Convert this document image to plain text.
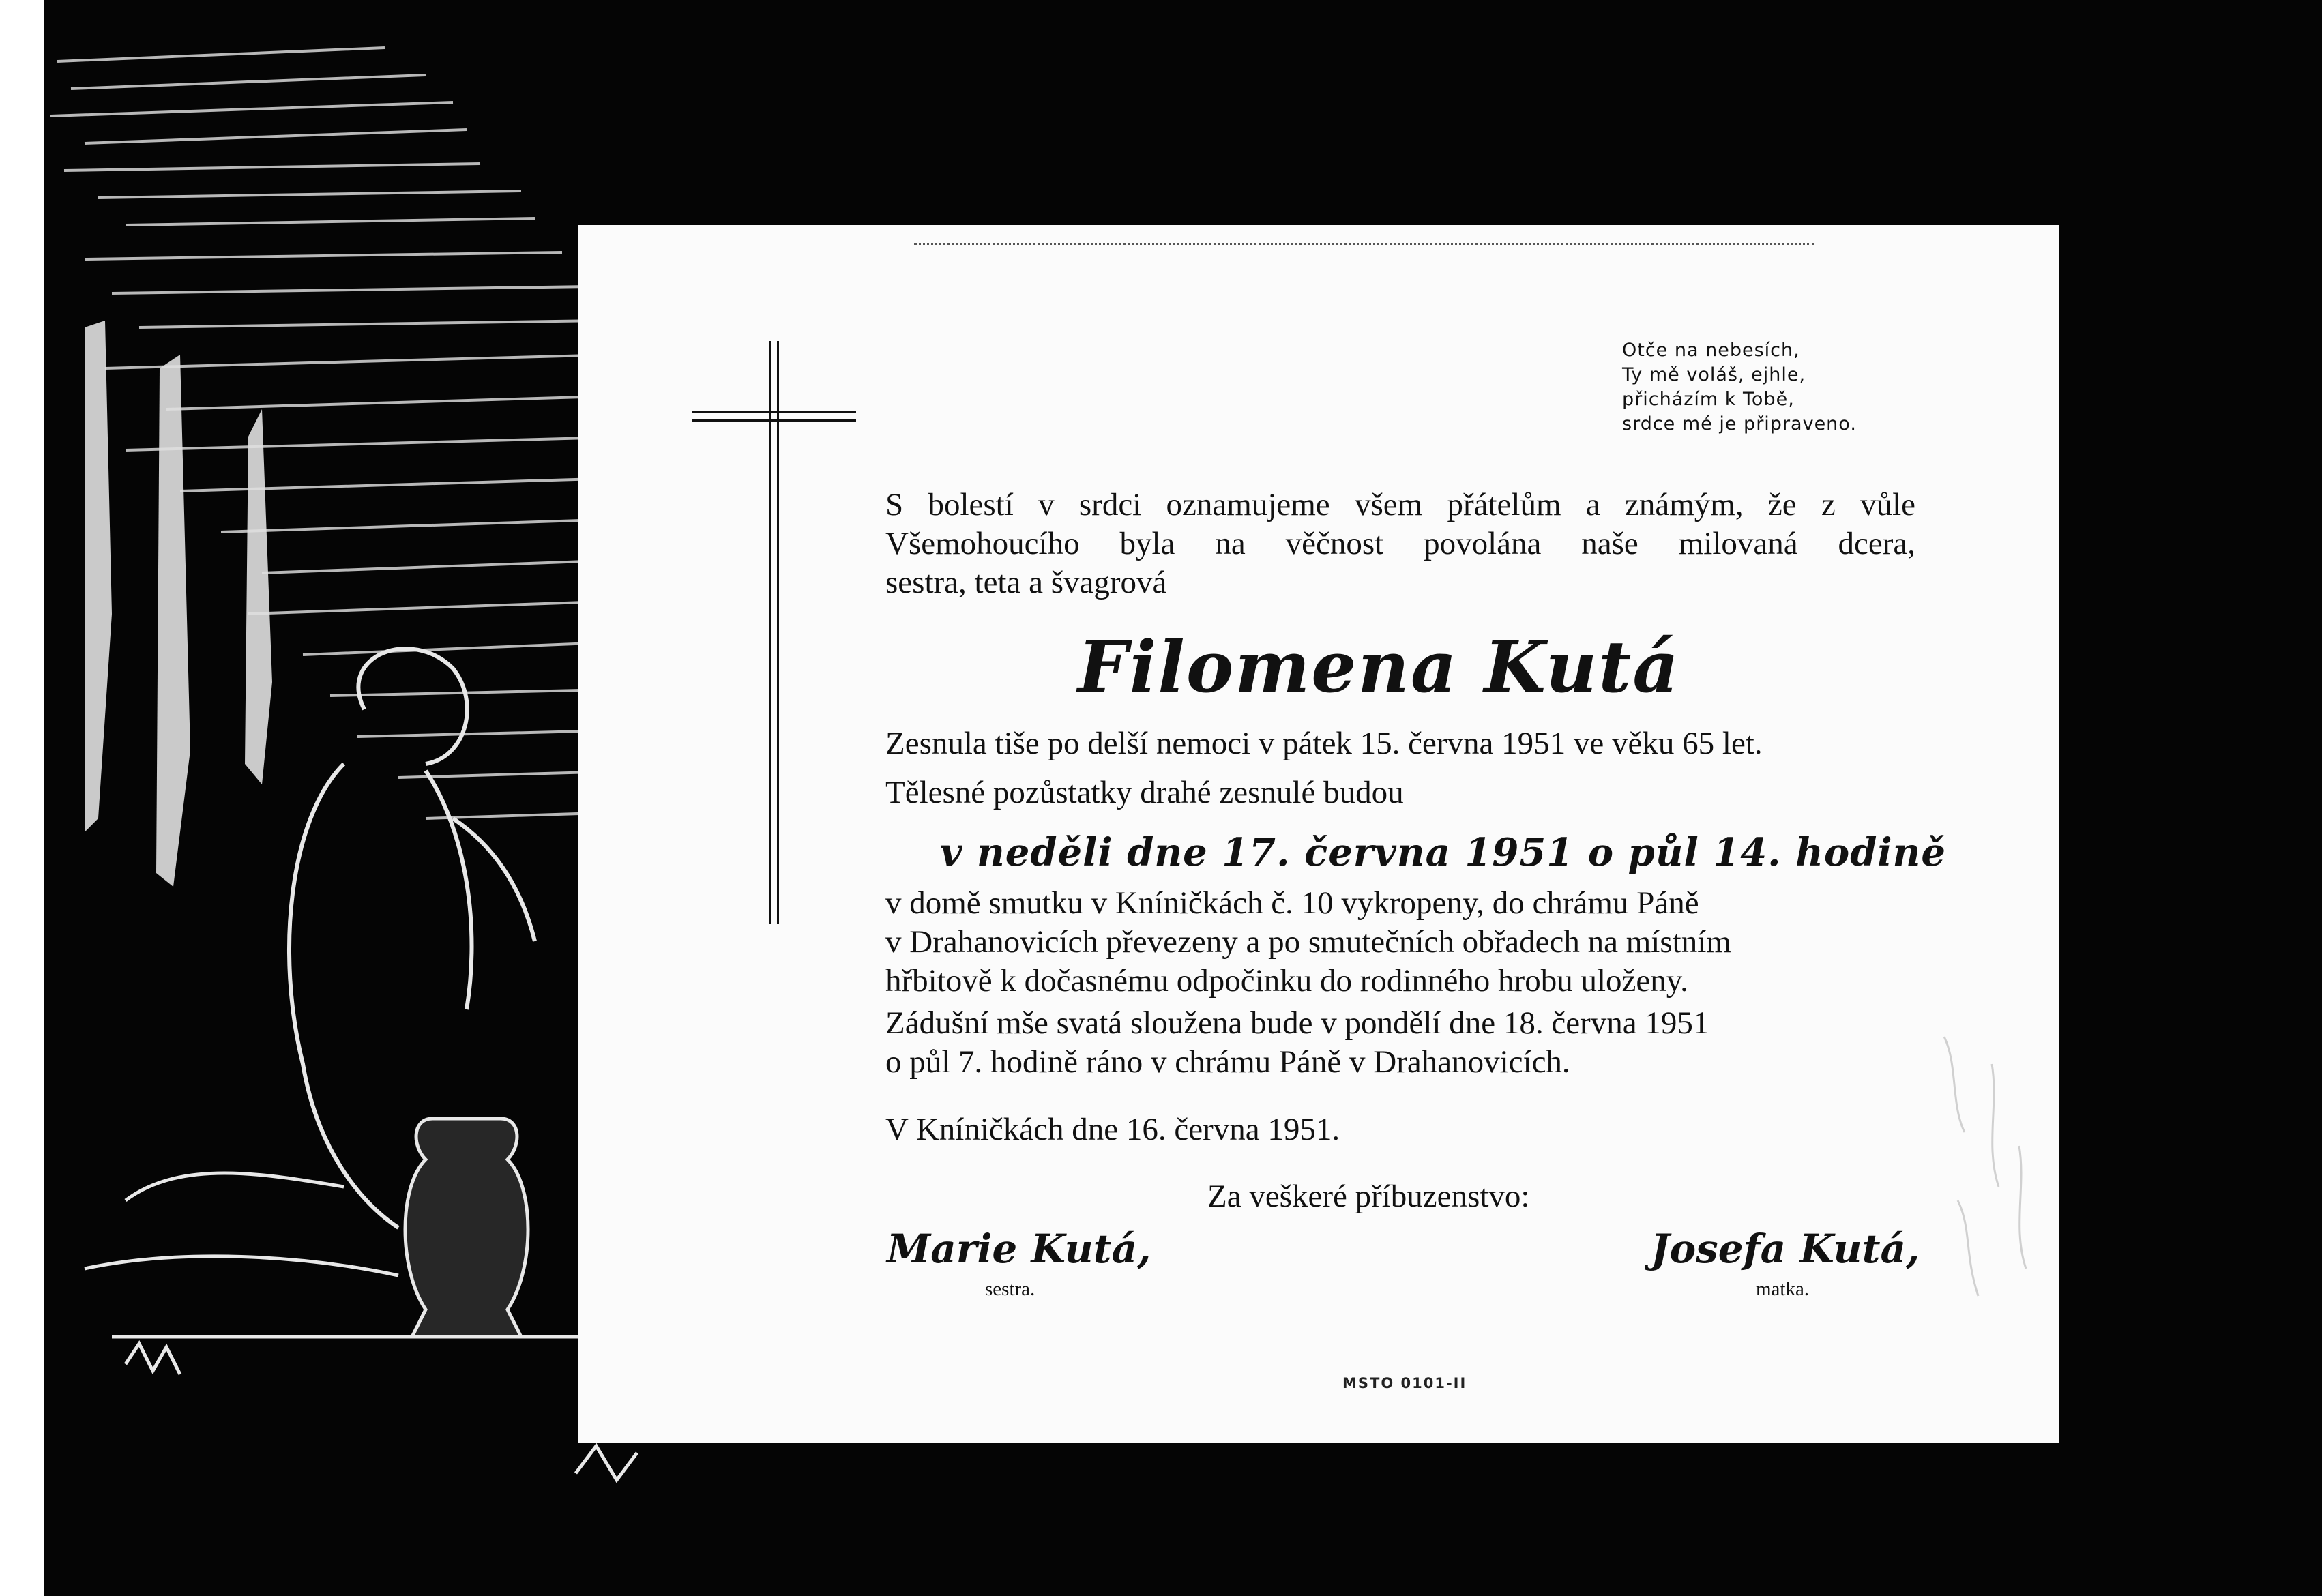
Otče na nebesích,
Ty mě voláš, ejhle,
přicházím k Tobě,
srdce mé je připraveno.
S bolestí v srdci oznamujeme všem přátelům a známým, že z vůle
Všemohoucího byla na věčnost povolána naše milovaná dcera,
sestra, teta a švagrová
Filomena Kutá
Zesnula tiše po delší nemoci v pátek 15. června 1951 ve věku 65 let.
Tělesné pozůstatky drahé zesnulé budou
v neděli dne 17. června 1951 o půl 14. hodině
v domě smutku v Kníničkách č. 10 vykropeny, do chrámu Páně
v Drahanovicích převezeny a po smutečních obřadech na místním
hřbitově k dočasnému odpočinku do rodinného hrobu uloženy.
Zádušní mše svatá sloužena bude v pondělí dne 18. června 1951
o půl 7. hodině ráno v chrámu Páně v Drahanovicích.
V Kníničkách dne 16. června 1951.
Za veškeré příbuzenstvo:
Marie Kutá,
sestra.
Josefa Kutá,
matka.
MSTO 0101-II
